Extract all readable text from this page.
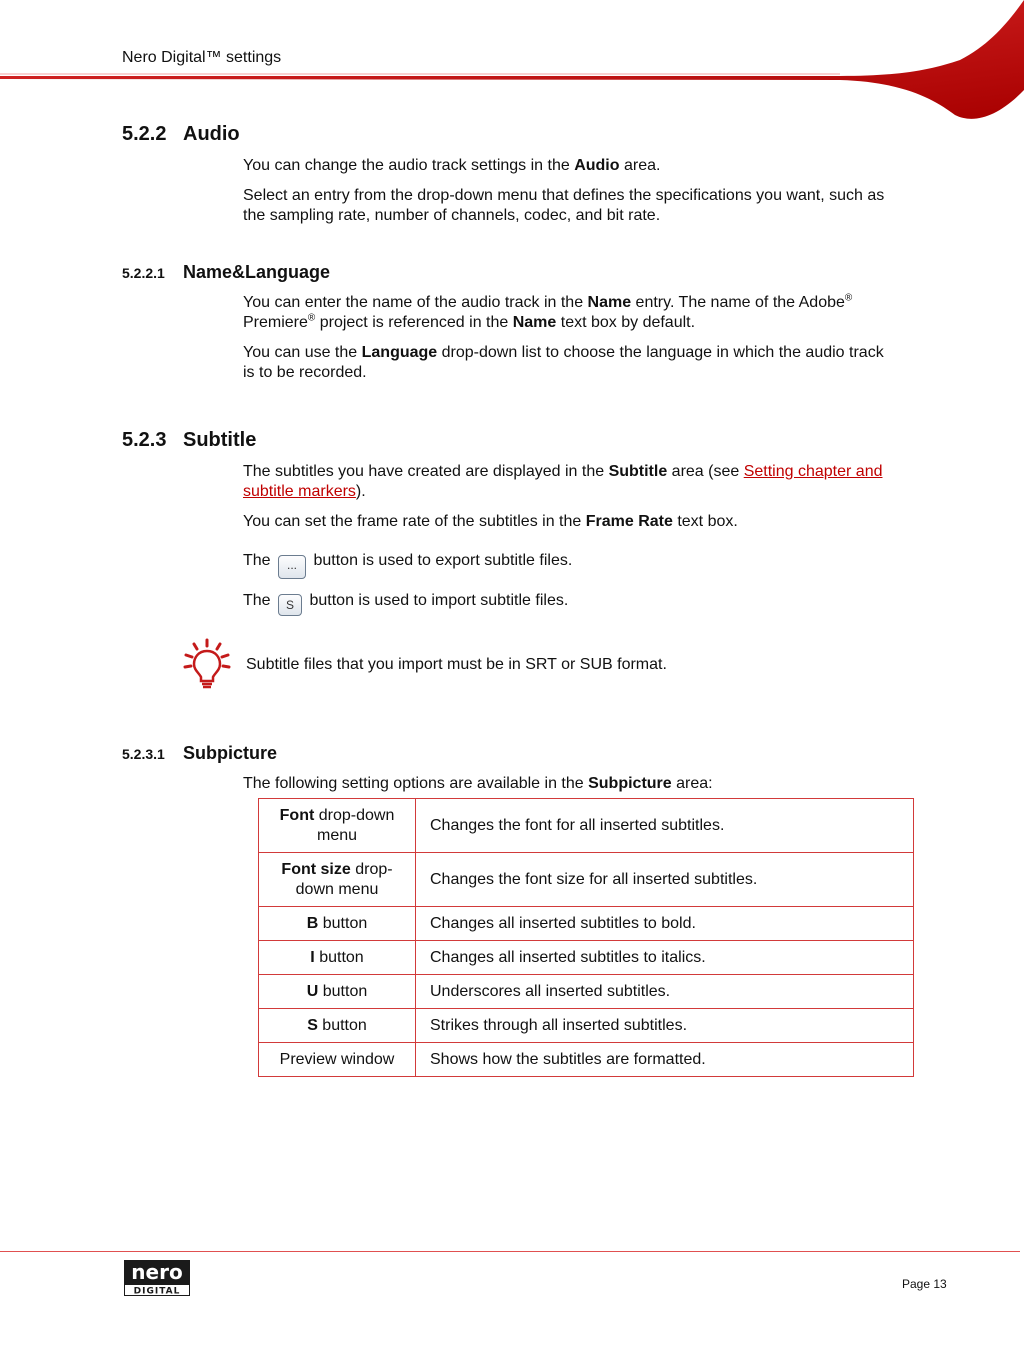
Nero Digital™ settings
5.2.2 Audio

You can change the audio track settings in the Audio area.

Select an entry from the drop-down menu that defines the specifications you want, such as
the sampling rate, number of channels, codec, and bit rate.

5.2.2.1 Name&Language

You can enter the name of the audio track in the Name entry. The name of the Adobe®
Premiere® project is referenced in the Name text box by default.

You can use the Language drop-down list to choose the language in which the audio track
is to be recorded.

5.2.3 Subtitle

The subtitles you have created are displayed in the Subtitle area (see Setting chapter and
subtitle markers).

You can set the frame rate of the subtitles in the Frame Rate text box.

The ... button is used to export subtitle files.

The S button is used to import subtitle files.

Subtitle files that you import must be in SRT or SUB format.

5.2.3.1 Subpicture

The following setting options are available in the Subpicture area:

Font drop-down menu	Changes the font for all inserted subtitles.
Font size drop-down menu	Changes the font size for all inserted subtitles.
B button	Changes all inserted subtitles to bold.
I button	Changes all inserted subtitles to italics.
U button	Underscores all inserted subtitles.
S button	Strikes through all inserted subtitles.
Preview window	Shows how the subtitles are formatted.
nero
DIGITAL
Page 13
